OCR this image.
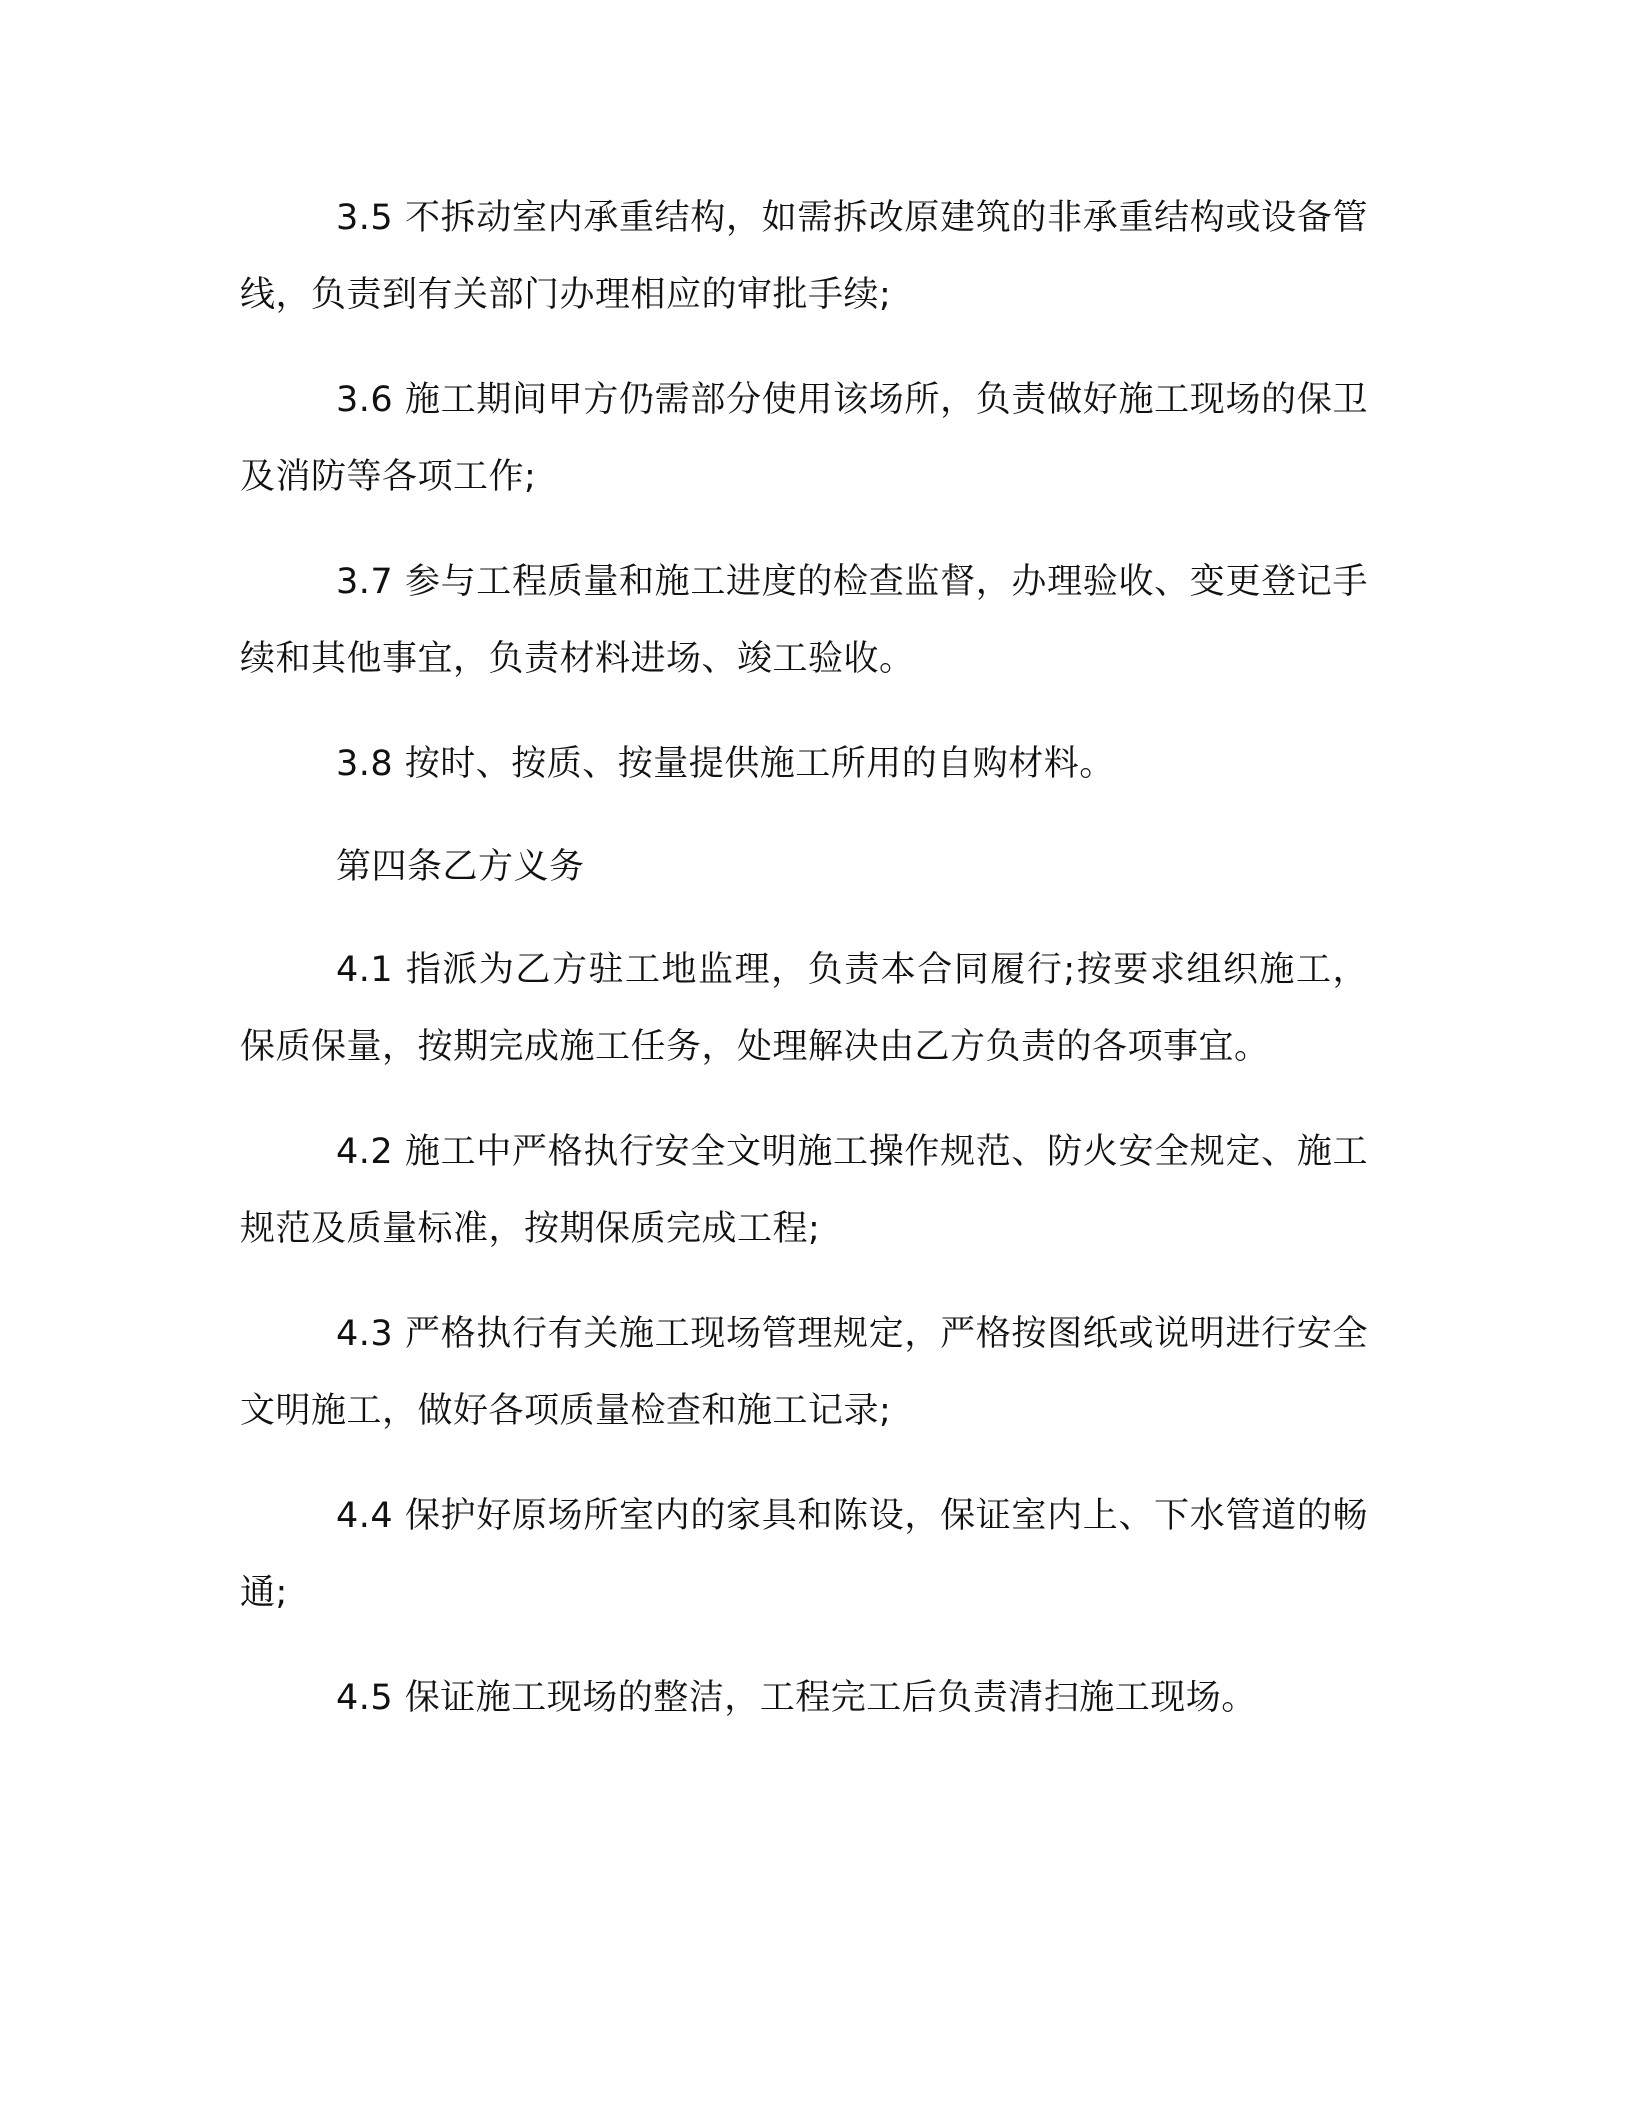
3.5 不拆动室内承重结构，如需拆改原建筑的非承重结构或设备管线，负责到有关部门办理相应的审批手续;

3.6 施工期间甲方仍需部分使用该场所，负责做好施工现场的保卫及消防等各项工作;

3.7 参与工程质量和施工进度的检查监督，办理验收、变更登记手续和其他事宜，负责材料进场、竣工验收。

3.8 按时、按质、按量提供施工所用的自购材料。

第四条乙方义务

4.1 指派为乙方驻工地监理，负责本合同履行;按要求组织施工，保质保量，按期完成施工任务，处理解决由乙方负责的各项事宜。

4.2 施工中严格执行安全文明施工操作规范、防火安全规定、施工规范及质量标准，按期保质完成工程;

4.3 严格执行有关施工现场管理规定，严格按图纸或说明进行安全文明施工，做好各项质量检查和施工记录;

4.4 保护好原场所室内的家具和陈设，保证室内上、下水管道的畅通;

4.5 保证施工现场的整洁，工程完工后负责清扫施工现场。
